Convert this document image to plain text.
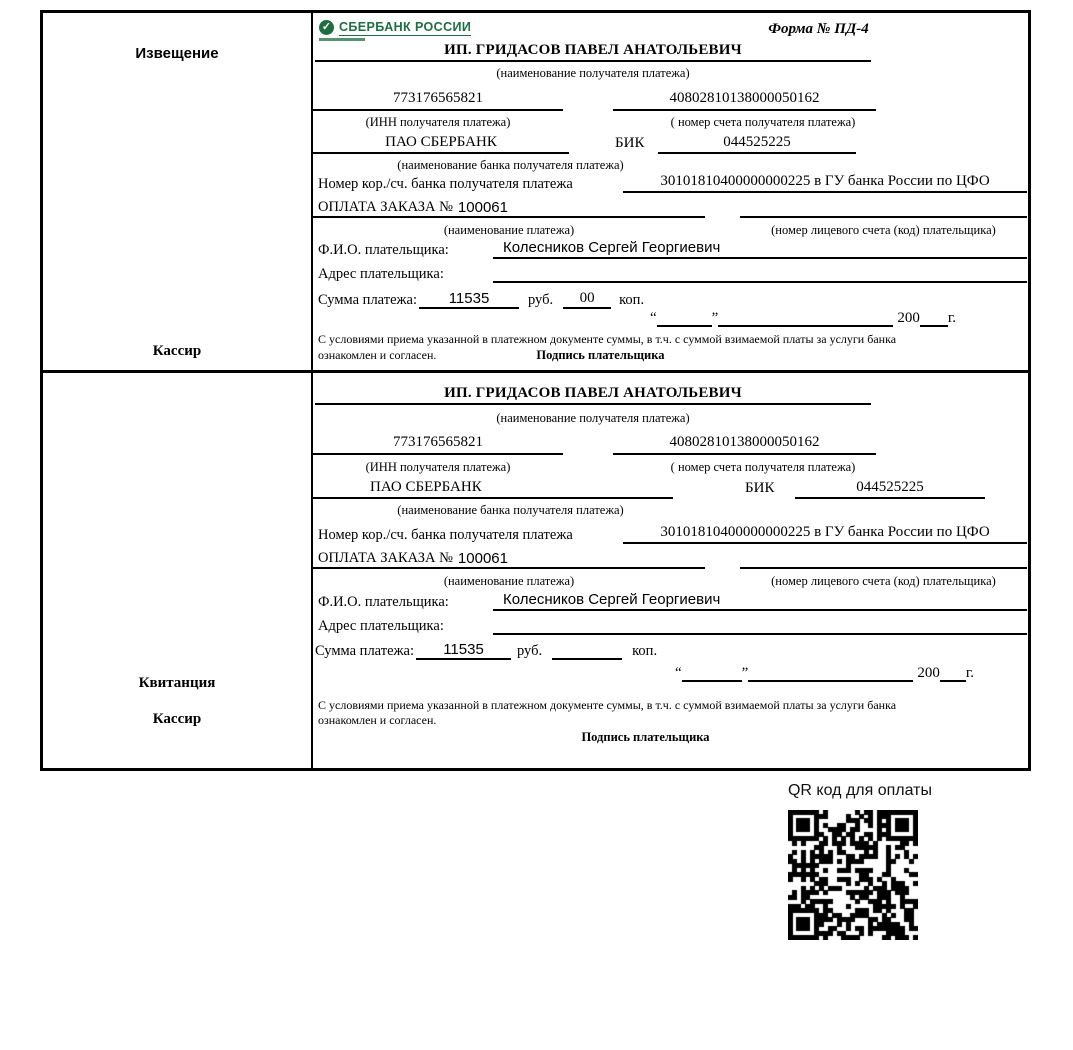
Извещение
Кассир
✓ СБЕРБАНК РОССИИ	Форма № ПД-4
ИП. ГРИДАСОВ ПАВЕЛ АНАТОЛЬЕВИЧ
(наименование получателя платежа)
773176565821	40802810138000050162
(ИНН получателя платежа)	( номер счета получателя платежа)
ПАО СБЕРБАНК	БИК	044525225
(наименование банка получателя платежа)
Номер кор./сч. банка получателя платежа	30101810400000000225 в ГУ банка России по ЦФО
ОПЛАТА ЗАКАЗА № 100061
(наименование платежа)	(номер лицевого счета (код) плательщика)
Ф.И.О. плательщика:	Колесников Сергей Георгиевич
Адрес плательщика:
Сумма платежа:	11535	руб.	00	коп.
“	”	200 г.
С условиями приема указанной в платежном документе суммы, в т.ч. с суммой взимаемой платы за услуги банка
ознакомлен и согласен.	Подпись плательщика
Квитанция
Кассир
ИП. ГРИДАСОВ ПАВЕЛ АНАТОЛЬЕВИЧ
(наименование получателя платежа)
773176565821	40802810138000050162
(ИНН получателя платежа)	( номер счета получателя платежа)
ПАО СБЕРБАНК	БИК	044525225
(наименование банка получателя платежа)
Номер кор./сч. банка получателя платежа	30101810400000000225 в ГУ банка России по ЦФО
ОПЛАТА ЗАКАЗА № 100061
(наименование платежа)	(номер лицевого счета (код) плательщика)
Ф.И.О. плательщика:	Колесников Сергей Георгиевич
Адрес плательщика:
Сумма платежа:	11535	руб.	коп.
“	”	200 г.
С условиями приема указанной в платежном документе суммы, в т.ч. с суммой взимаемой платы за услуги банка
ознакомлен и согласен.
Подпись плательщика
QR код для оплаты
